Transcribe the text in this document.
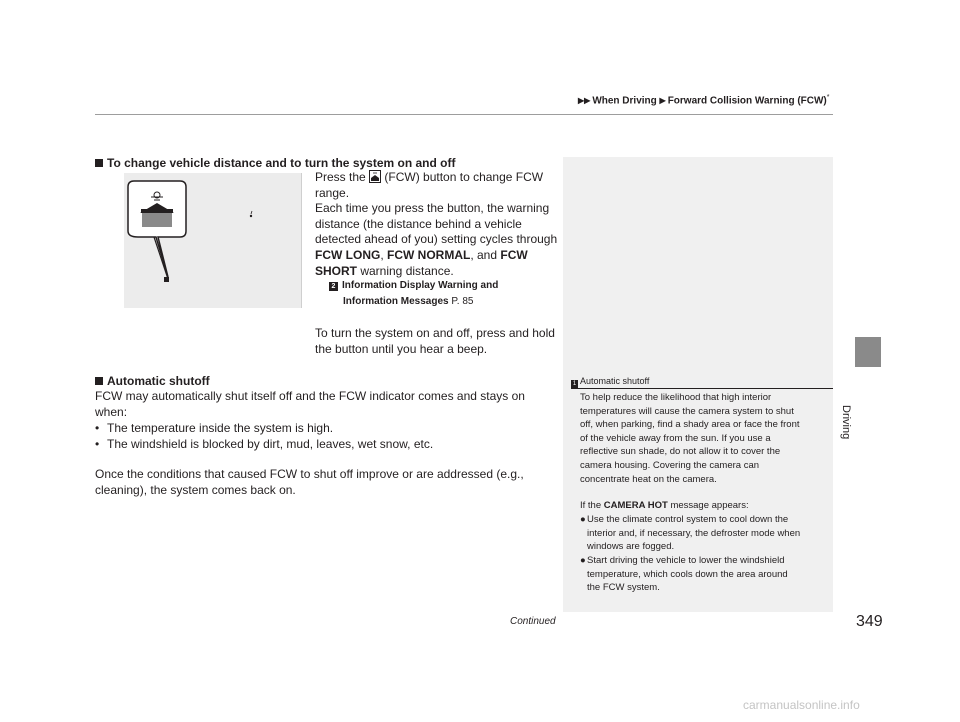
▶▶ When Driving ▶ Forward Collision Warning (FCW)*
Driving
To change vehicle distance and to turn the system on and off
Press the (FCW) button to change FCW
range.
Each time you press the button, the warning
distance (the distance behind a vehicle
detected ahead of you) setting cycles through
FCW LONG, FCW NORMAL, and FCW
SHORT warning distance.
2 Information Display Warning and
Information Messages P. 85
To turn the system on and off, press and hold
the button until you hear a beep.
Automatic shutoff
FCW may automatically shut itself off and the FCW indicator comes and stays on
when:
• The temperature inside the system is high.
• The windshield is blocked by dirt, mud, leaves, wet snow, etc.
Once the conditions that caused FCW to shut off improve or are addressed (e.g.,
cleaning), the system comes back on.
1 Automatic shutoff
To help reduce the likelihood that high interior
temperatures will cause the camera system to shut
off, when parking, find a shady area or face the front
of the vehicle away from the sun. If you use a
reflective sun shade, do not allow it to cover the
camera housing. Covering the camera can
concentrate heat on the camera.
If the CAMERA HOT message appears:
●Use the climate control system to cool down the
interior and, if necessary, the defroster mode when
windows are fogged.
●Start driving the vehicle to lower the windshield
temperature, which cools down the area around
the FCW system.
Continued	349
carmanualsonline.info
